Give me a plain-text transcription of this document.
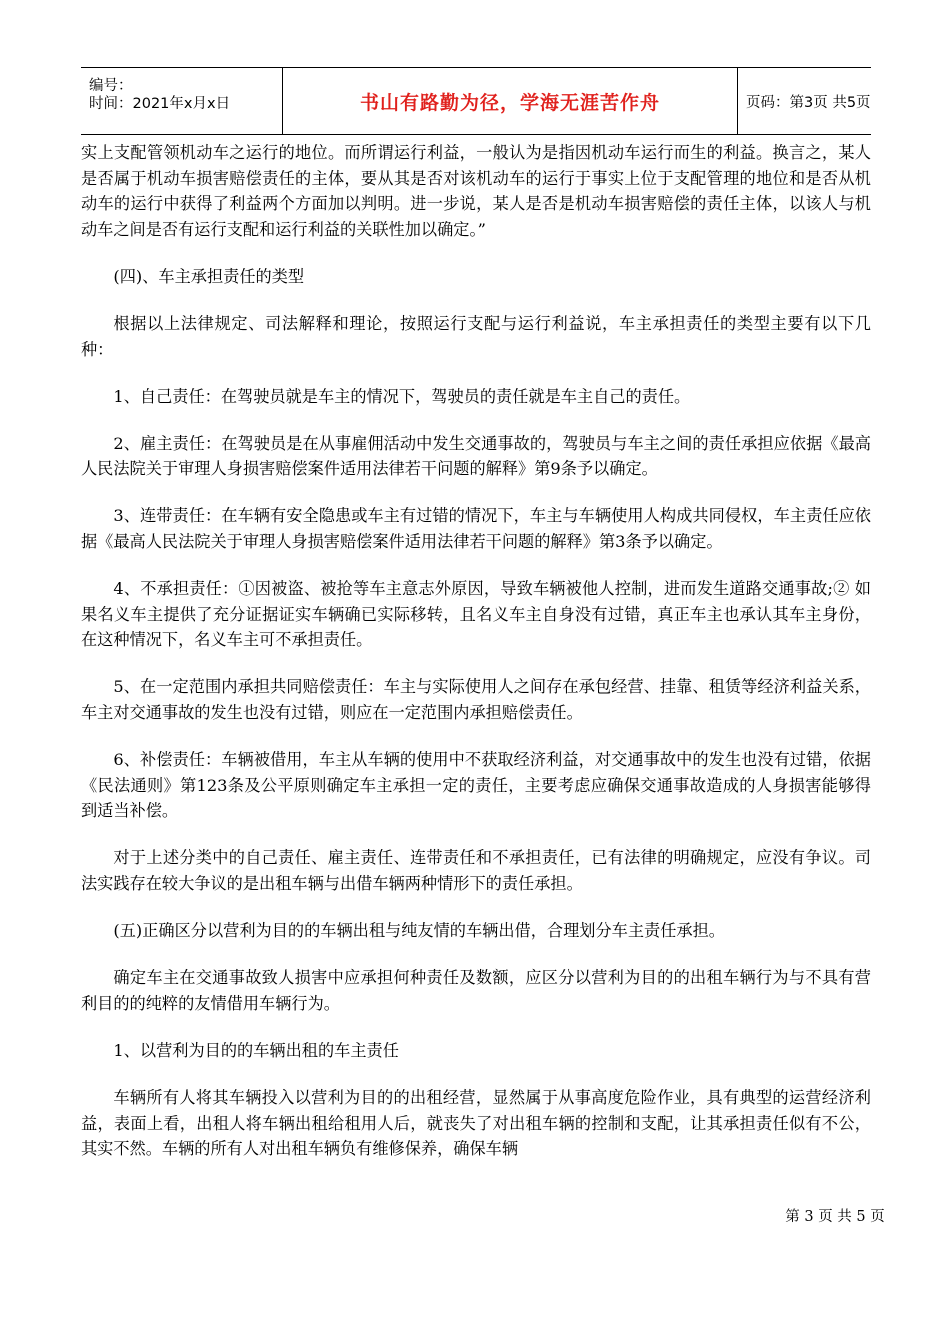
编号：
时间：2021年x月x日	书山有路勤为径，学海无涯苦作舟	页码：第3页 共5页

实上支配管领机动车之运行的地位。而所谓运行利益，一般认为是指因机动车运行而生的利益。换言之，某人是否属于机动车损害赔偿责任的主体，要从其是否对该机动车的运行于事实上位于支配管理的地位和是否从机动车的运行中获得了利益两个方面加以判明。进一步说，某人是否是机动车损害赔偿的责任主体，以该人与机动车之间是否有运行支配和运行利益的关联性加以确定。”

(四)、车主承担责任的类型

根据以上法律规定、司法解释和理论，按照运行支配与运行利益说，车主承担责任的类型主要有以下几种：

1、自己责任：在驾驶员就是车主的情况下，驾驶员的责任就是车主自己的责任。

2、雇主责任：在驾驶员是在从事雇佣活动中发生交通事故的，驾驶员与车主之间的责任承担应依据《最高人民法院关于审理人身损害赔偿案件适用法律若干问题的解释》第9条予以确定。

3、连带责任：在车辆有安全隐患或车主有过错的情况下，车主与车辆使用人构成共同侵权，车主责任应依据《最高人民法院关于审理人身损害赔偿案件适用法律若干问题的解释》第3条予以确定。

4、不承担责任：①因被盗、被抢等车主意志外原因，导致车辆被他人控制，进而发生道路交通事故;② 如果名义车主提供了充分证据证实车辆确已实际移转，且名义车主自身没有过错，真正车主也承认其车主身份，在这种情况下，名义车主可不承担责任。

5、在一定范围内承担共同赔偿责任：车主与实际使用人之间存在承包经营、挂靠、租赁等经济利益关系，车主对交通事故的发生也没有过错，则应在一定范围内承担赔偿责任。

6、补偿责任：车辆被借用，车主从车辆的使用中不获取经济利益，对交通事故中的发生也没有过错，依据《民法通则》第123条及公平原则确定车主承担一定的责任，主要考虑应确保交通事故造成的人身损害能够得到适当补偿。

对于上述分类中的自己责任、雇主责任、连带责任和不承担责任，已有法律的明确规定，应没有争议。司法实践存在较大争议的是出租车辆与出借车辆两种情形下的责任承担。

(五)正确区分以营利为目的的车辆出租与纯友情的车辆出借，合理划分车主责任承担。

确定车主在交通事故致人损害中应承担何种责任及数额，应区分以营利为目的的出租车辆行为与不具有营利目的的纯粹的友情借用车辆行为。

1、以营利为目的的车辆出租的车主责任

车辆所有人将其车辆投入以营利为目的的出租经营，显然属于从事高度危险作业，具有典型的运营经济利益，表面上看，出租人将车辆出租给租用人后，就丧失了对出租车辆的控制和支配，让其承担责任似有不公，其实不然。车辆的所有人对出租车辆负有维修保养，确保车辆

第 3 页 共 5 页
